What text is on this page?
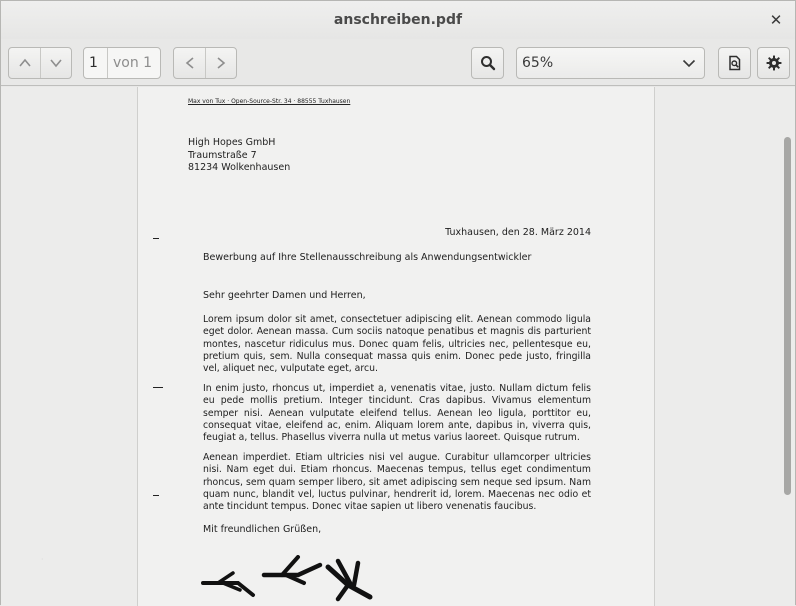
anschreiben.pdf	✕
1	von 1	65%
·
Max von Tux · Open-Source-Str. 34 · 88555 Tuxhausen
High Hopes GmbH
Traumstraße 7
81234 Wolkenhausen
Tuxhausen, den 28. März 2014
Bewerbung auf Ihre Stellenausschreibung als Anwendungsentwickler
Sehr geehrter Damen und Herren,
Lorem ipsum dolor sit amet, consectetuer adipiscing elit. Aenean commodo ligula eget dolor. Aenean massa. Cum sociis natoque penatibus et magnis dis parturient montes, nascetur ridiculus mus. Donec quam felis, ultricies nec, pellentesque eu, pretium quis, sem. Nulla consequat massa quis enim. Donec pede justo, fringilla vel, aliquet nec, vulputate eget, arcu.
In enim justo, rhoncus ut, imperdiet a, venenatis vitae, justo. Nullam dictum felis eu pede mollis pretium. Integer tincidunt. Cras dapibus. Vivamus elementum semper nisi. Aenean vulputate eleifend tellus. Aenean leo ligula, porttitor eu, consequat vitae, eleifend ac, enim. Aliquam lorem ante, dapibus in, viverra quis, feugiat a, tellus. Phasellus viverra nulla ut metus varius laoreet. Quisque rutrum.
Aenean imperdiet. Etiam ultricies nisi vel augue. Curabitur ullamcorper ultricies nisi. Nam eget dui. Etiam rhoncus. Maecenas tempus, tellus eget condimentum rhoncus, sem quam semper libero, sit amet adipiscing sem neque sed ipsum. Nam quam nunc, blandit vel, luctus pulvinar, hendrerit id, lorem. Maecenas nec odio et ante tincidunt tempus. Donec vitae sapien ut libero venenatis faucibus.
Mit freundlichen Grüßen,
